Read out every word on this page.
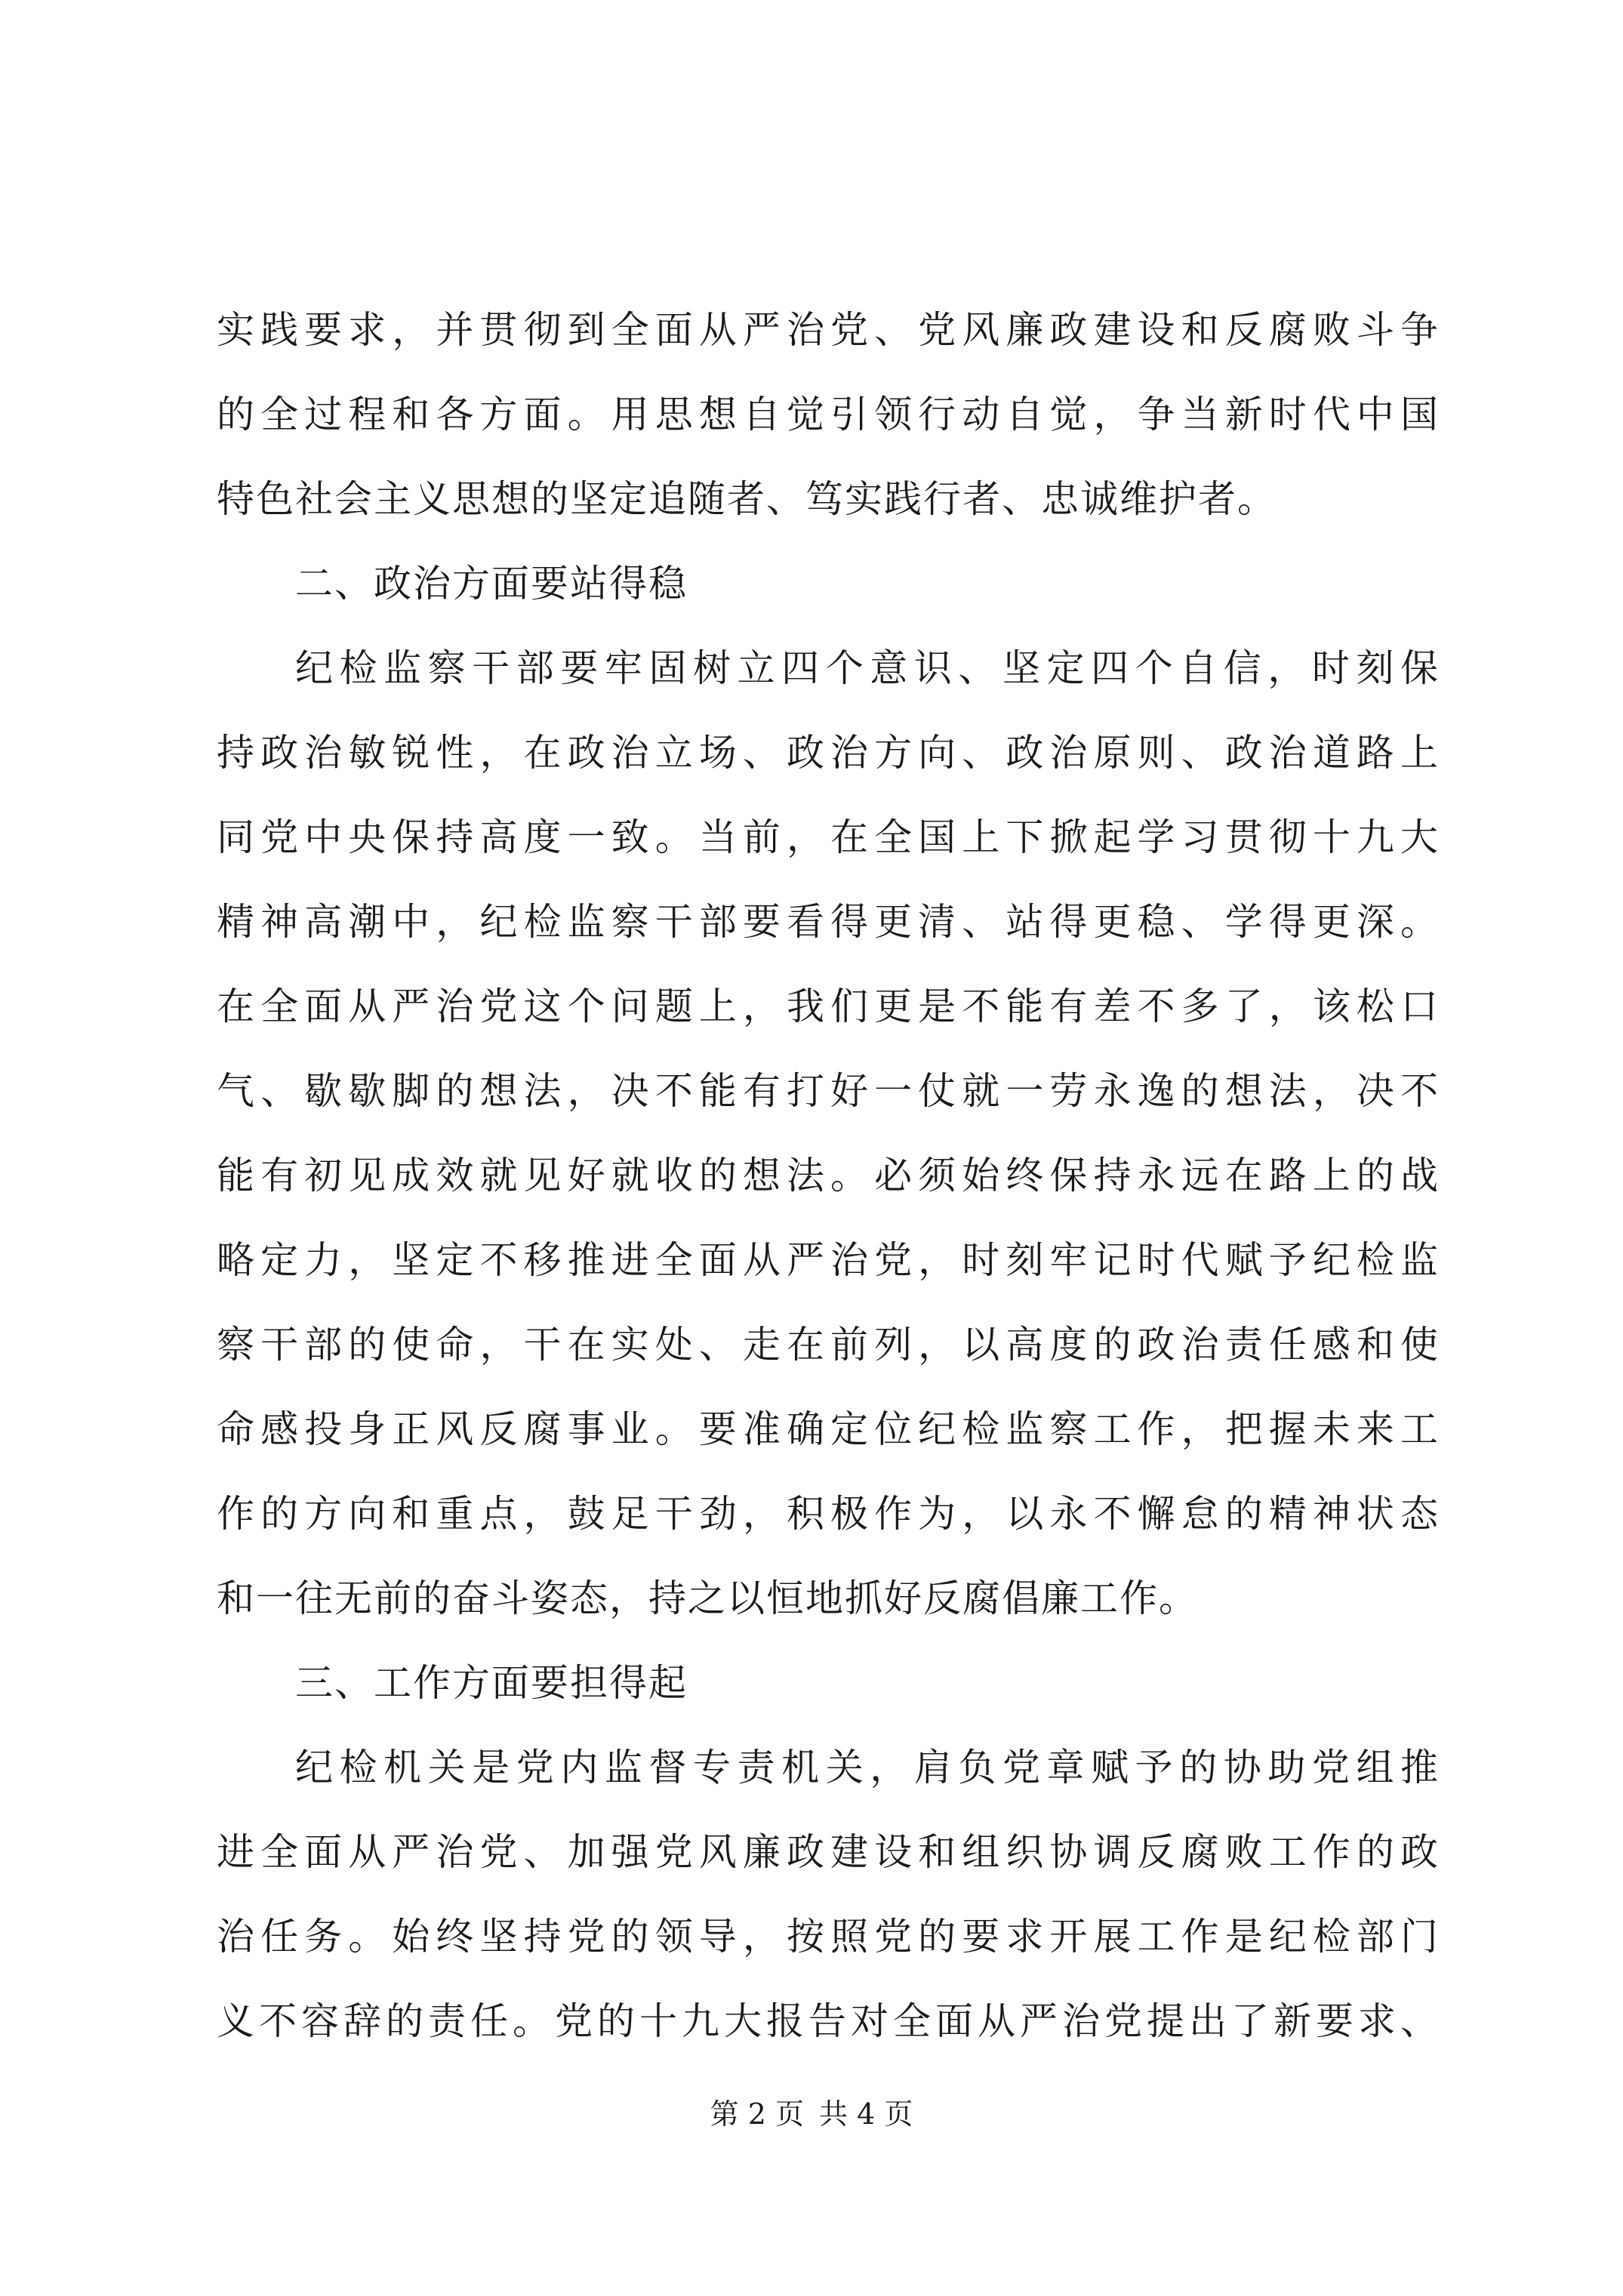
实践要求，并贯彻到全面从严治党、党风廉政建设和反腐败斗争
的全过程和各方面。用思想自觉引领行动自觉，争当新时代中国
特色社会主义思想的坚定追随者、笃实践行者、忠诚维护者。
二、政治方面要站得稳
纪检监察干部要牢固树立四个意识、坚定四个自信，时刻保
持政治敏锐性，在政治立场、政治方向、政治原则、政治道路上
同党中央保持高度一致。当前，在全国上下掀起学习贯彻十九大
精神高潮中，纪检监察干部要看得更清、站得更稳、学得更深。
在全面从严治党这个问题上，我们更是不能有差不多了，该松口
气、歇歇脚的想法，决不能有打好一仗就一劳永逸的想法，决不
能有初见成效就见好就收的想法。必须始终保持永远在路上的战
略定力，坚定不移推进全面从严治党，时刻牢记时代赋予纪检监
察干部的使命，干在实处、走在前列，以高度的政治责任感和使
命感投身正风反腐事业。要准确定位纪检监察工作，把握未来工
作的方向和重点，鼓足干劲，积极作为，以永不懈怠的精神状态
和一往无前的奋斗姿态，持之以恒地抓好反腐倡廉工作。
三、工作方面要担得起
纪检机关是党内监督专责机关，肩负党章赋予的协助党组推
进全面从严治党、加强党风廉政建设和组织协调反腐败工作的政
治任务。始终坚持党的领导，按照党的要求开展工作是纪检部门
义不容辞的责任。党的十九大报告对全面从严治党提出了新要求、
第 2 页 共 4 页
